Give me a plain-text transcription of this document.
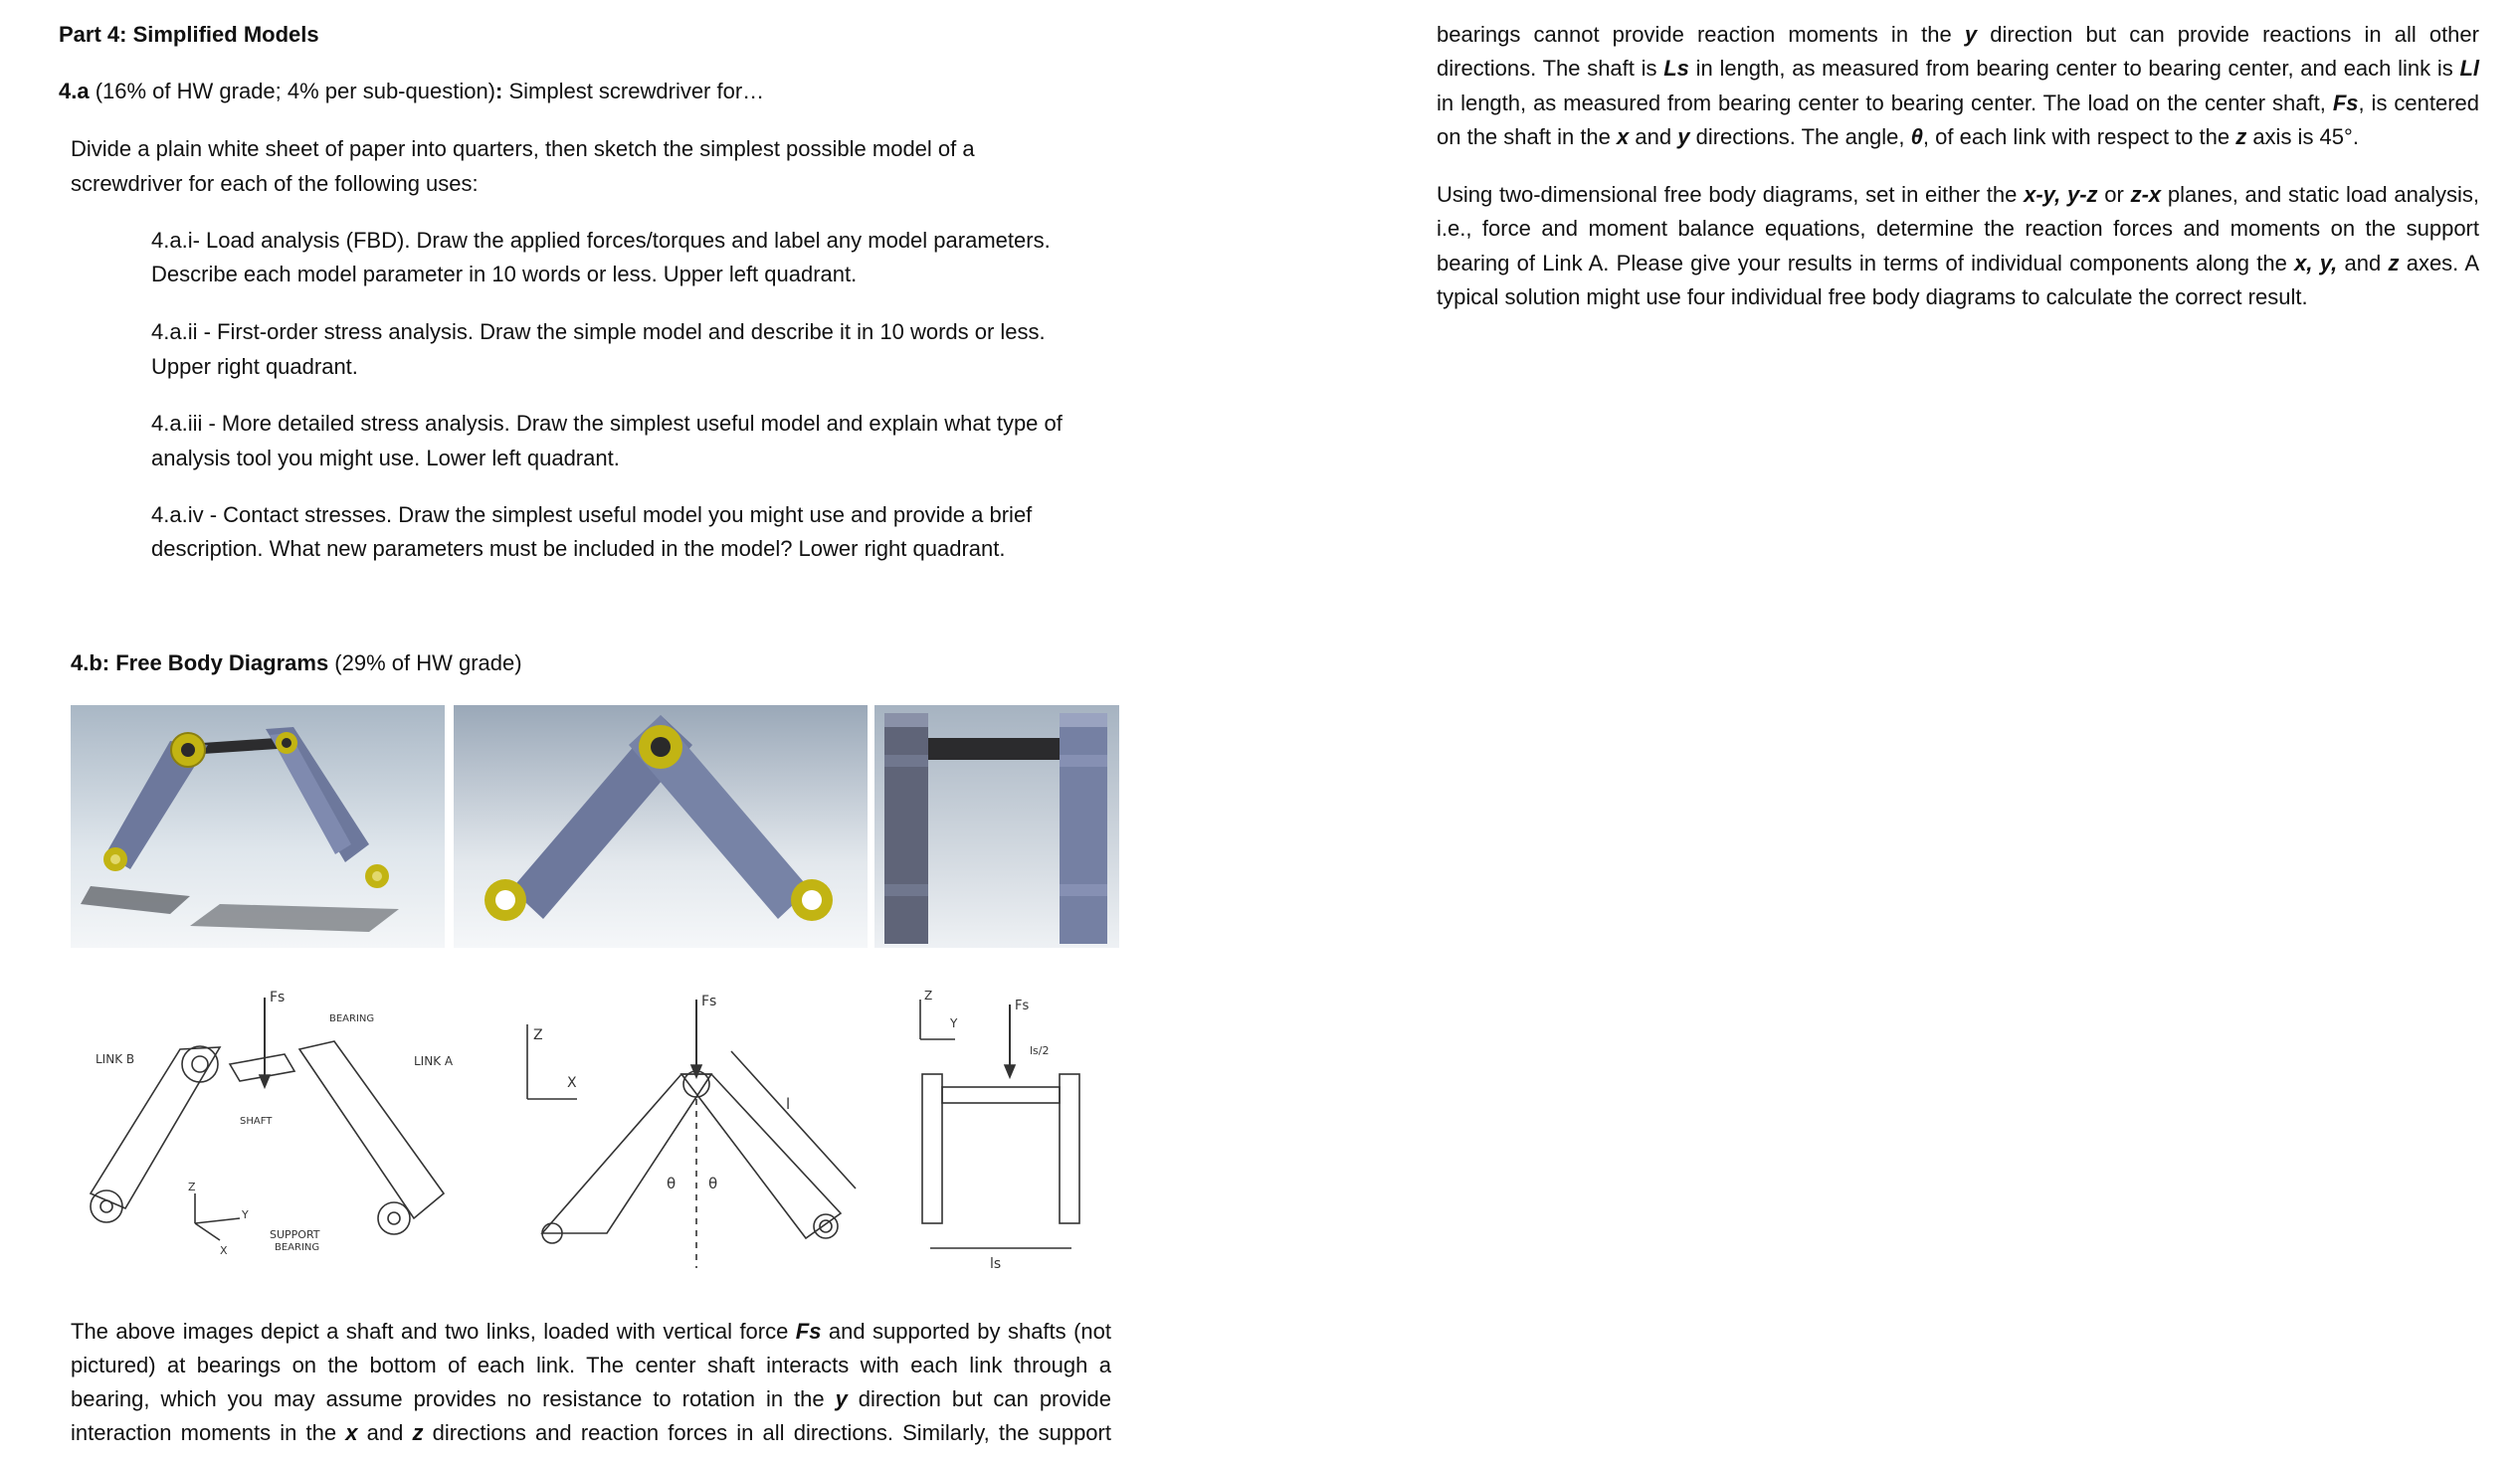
Part 4: Simplified Models
4.a (16% of HW grade; 4% per sub-question): Simplest screwdriver for…
Divide a plain white sheet of paper into quarters, then sketch the simplest possible model of a
screwdriver for each of the following uses:
4.a.i- Load analysis (FBD). Draw the applied forces/torques and label any model parameters.
Describe each model parameter in 10 words or less. Upper left quadrant.
4.a.ii - First-order stress analysis. Draw the simple model and describe it in 10 words or less.
Upper right quadrant.
4.a.iii - More detailed stress analysis. Draw the simplest useful model and explain what type of
analysis tool you might use. Lower left quadrant.
4.a.iv - Contact stresses. Draw the simplest useful model you might use and provide a brief
description. What new parameters must be included in the model? Lower right quadrant.
4.b: Free Body Diagrams (29% of HW grade)
Fs
BEARING
LINK B	LINK A
SHAFT
SUPPORT
BEARING
Z
Y
X
Z
X
Fs
θ θ
l
Z
Y
Fs
ls/2
ls
The above images depict a shaft and two links, loaded with vertical force Fs and supported by shafts (not
pictured) at bearings on the bottom of each link. The center shaft interacts with each link through a
bearing, which you may assume provides no resistance to rotation in the y direction but can provide
interaction moments in the x and z directions and reaction forces in all directions. Similarly, the support
bearings cannot provide reaction moments in the y direction but can provide reactions in all other
directions. The shaft is Ls in length, as measured from bearing center to bearing center, and each link is Ll
in length, as measured from bearing center to bearing center. The load on the center shaft, Fs, is centered
on the shaft in the x and y directions. The angle, θ, of each link with respect to the z axis is 45°.
Using two-dimensional free body diagrams, set in either the x-y, y-z or z-x planes, and static load analysis,
i.e., force and moment balance equations, determine the reaction forces and moments on the support
bearing of Link A. Please give your results in terms of individual components along the x, y, and z axes. A
typical solution might use four individual free body diagrams to calculate the correct result.
